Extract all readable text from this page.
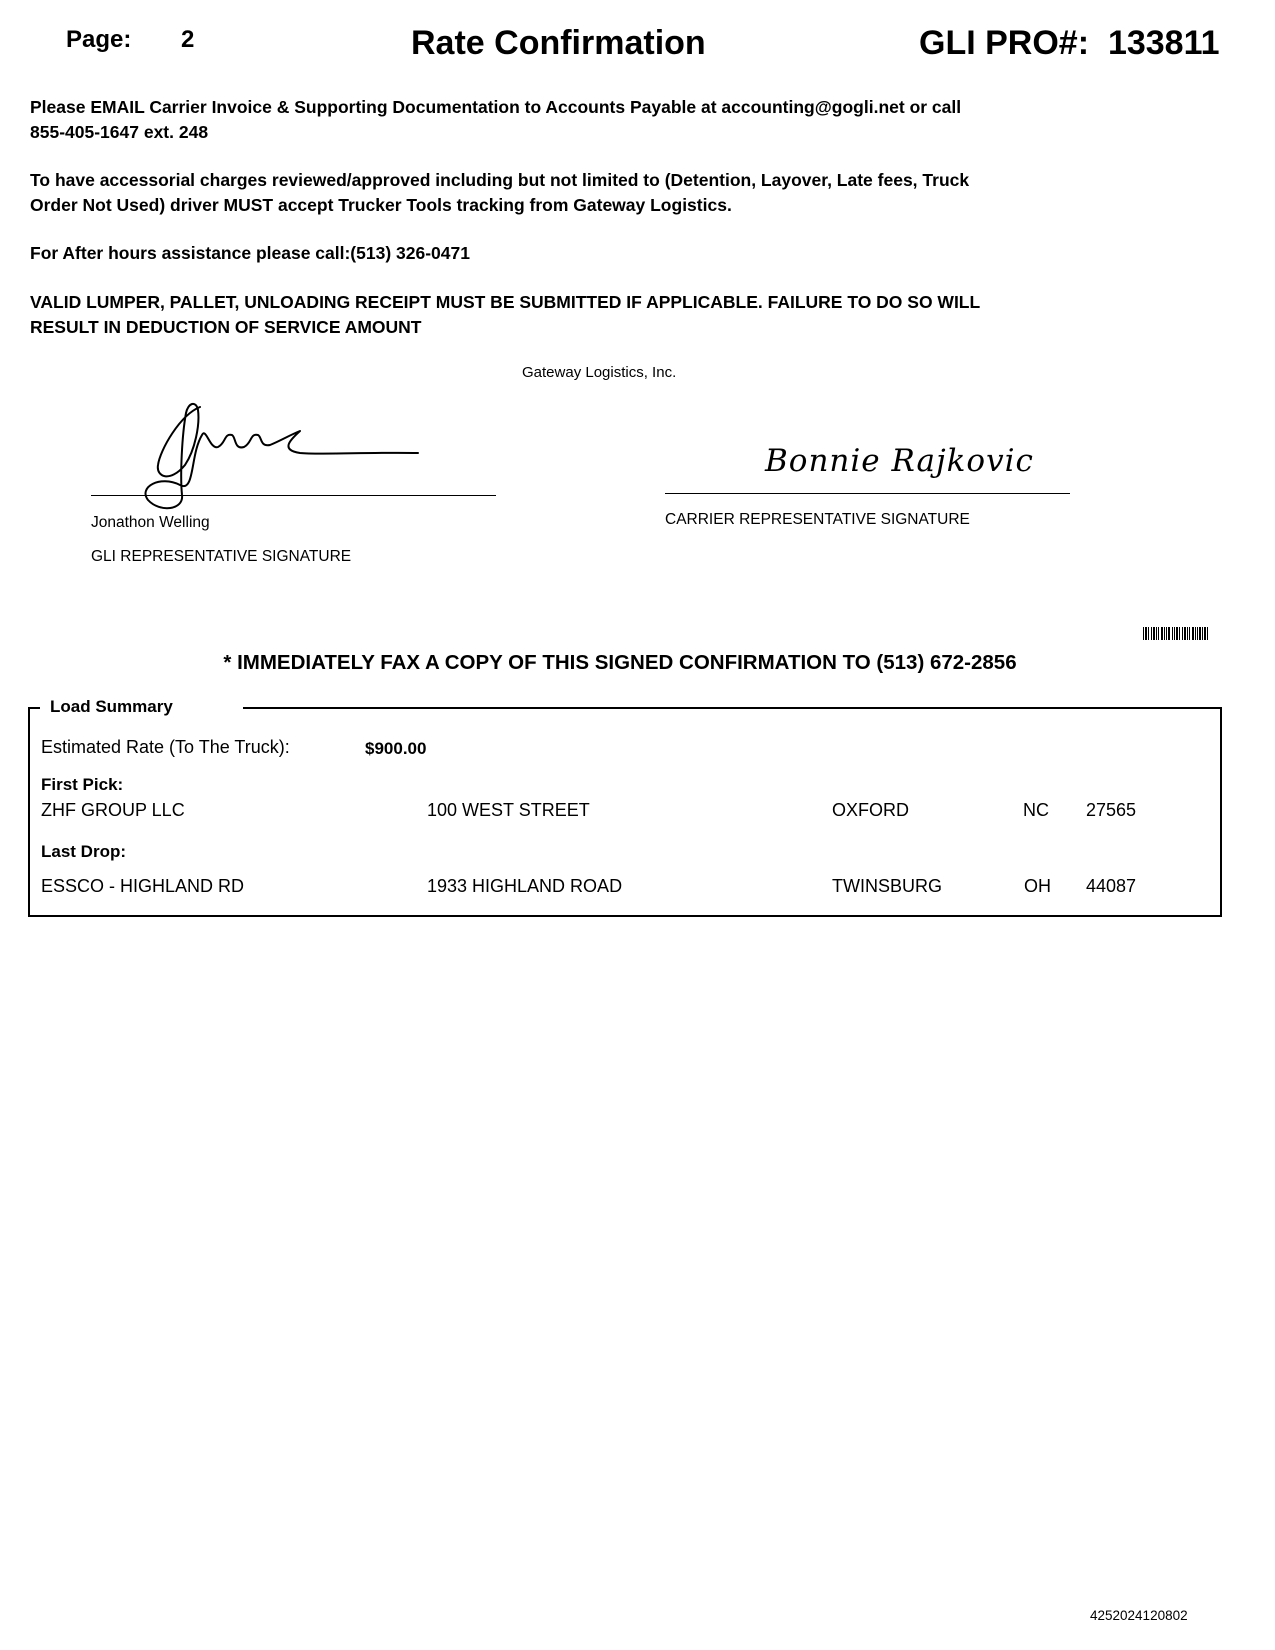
Page: 2	Rate Confirmation	GLI PRO#: 133811
Please EMAIL Carrier Invoice & Supporting Documentation to Accounts Payable at accounting@gogli.net or call
855-405-1647 ext. 248
To have accessorial charges reviewed/approved including but not limited to (Detention, Layover, Late fees, Truck
Order Not Used) driver MUST accept Trucker Tools tracking from Gateway Logistics.
For After hours assistance please call:(513) 326-0471
VALID LUMPER, PALLET, UNLOADING RECEIPT MUST BE SUBMITTED IF APPLICABLE. FAILURE TO DO SO WILL
RESULT IN DEDUCTION OF SERVICE AMOUNT
Gateway Logistics, Inc.
Jonathon Welling
GLI REPRESENTATIVE SIGNATURE
Bonnie Rajkovic
CARRIER REPRESENTATIVE SIGNATURE
* IMMEDIATELY FAX A COPY OF THIS SIGNED CONFIRMATION TO (513) 672-2856
Load Summary
Estimated Rate (To The Truck):	$900.00
First Pick:
ZHF GROUP LLC	100 WEST STREET	OXFORD	NC 27565
Last Drop:
ESSCO - HIGHLAND RD	1933 HIGHLAND ROAD	TWINSBURG	OH 44087
4252024120802
